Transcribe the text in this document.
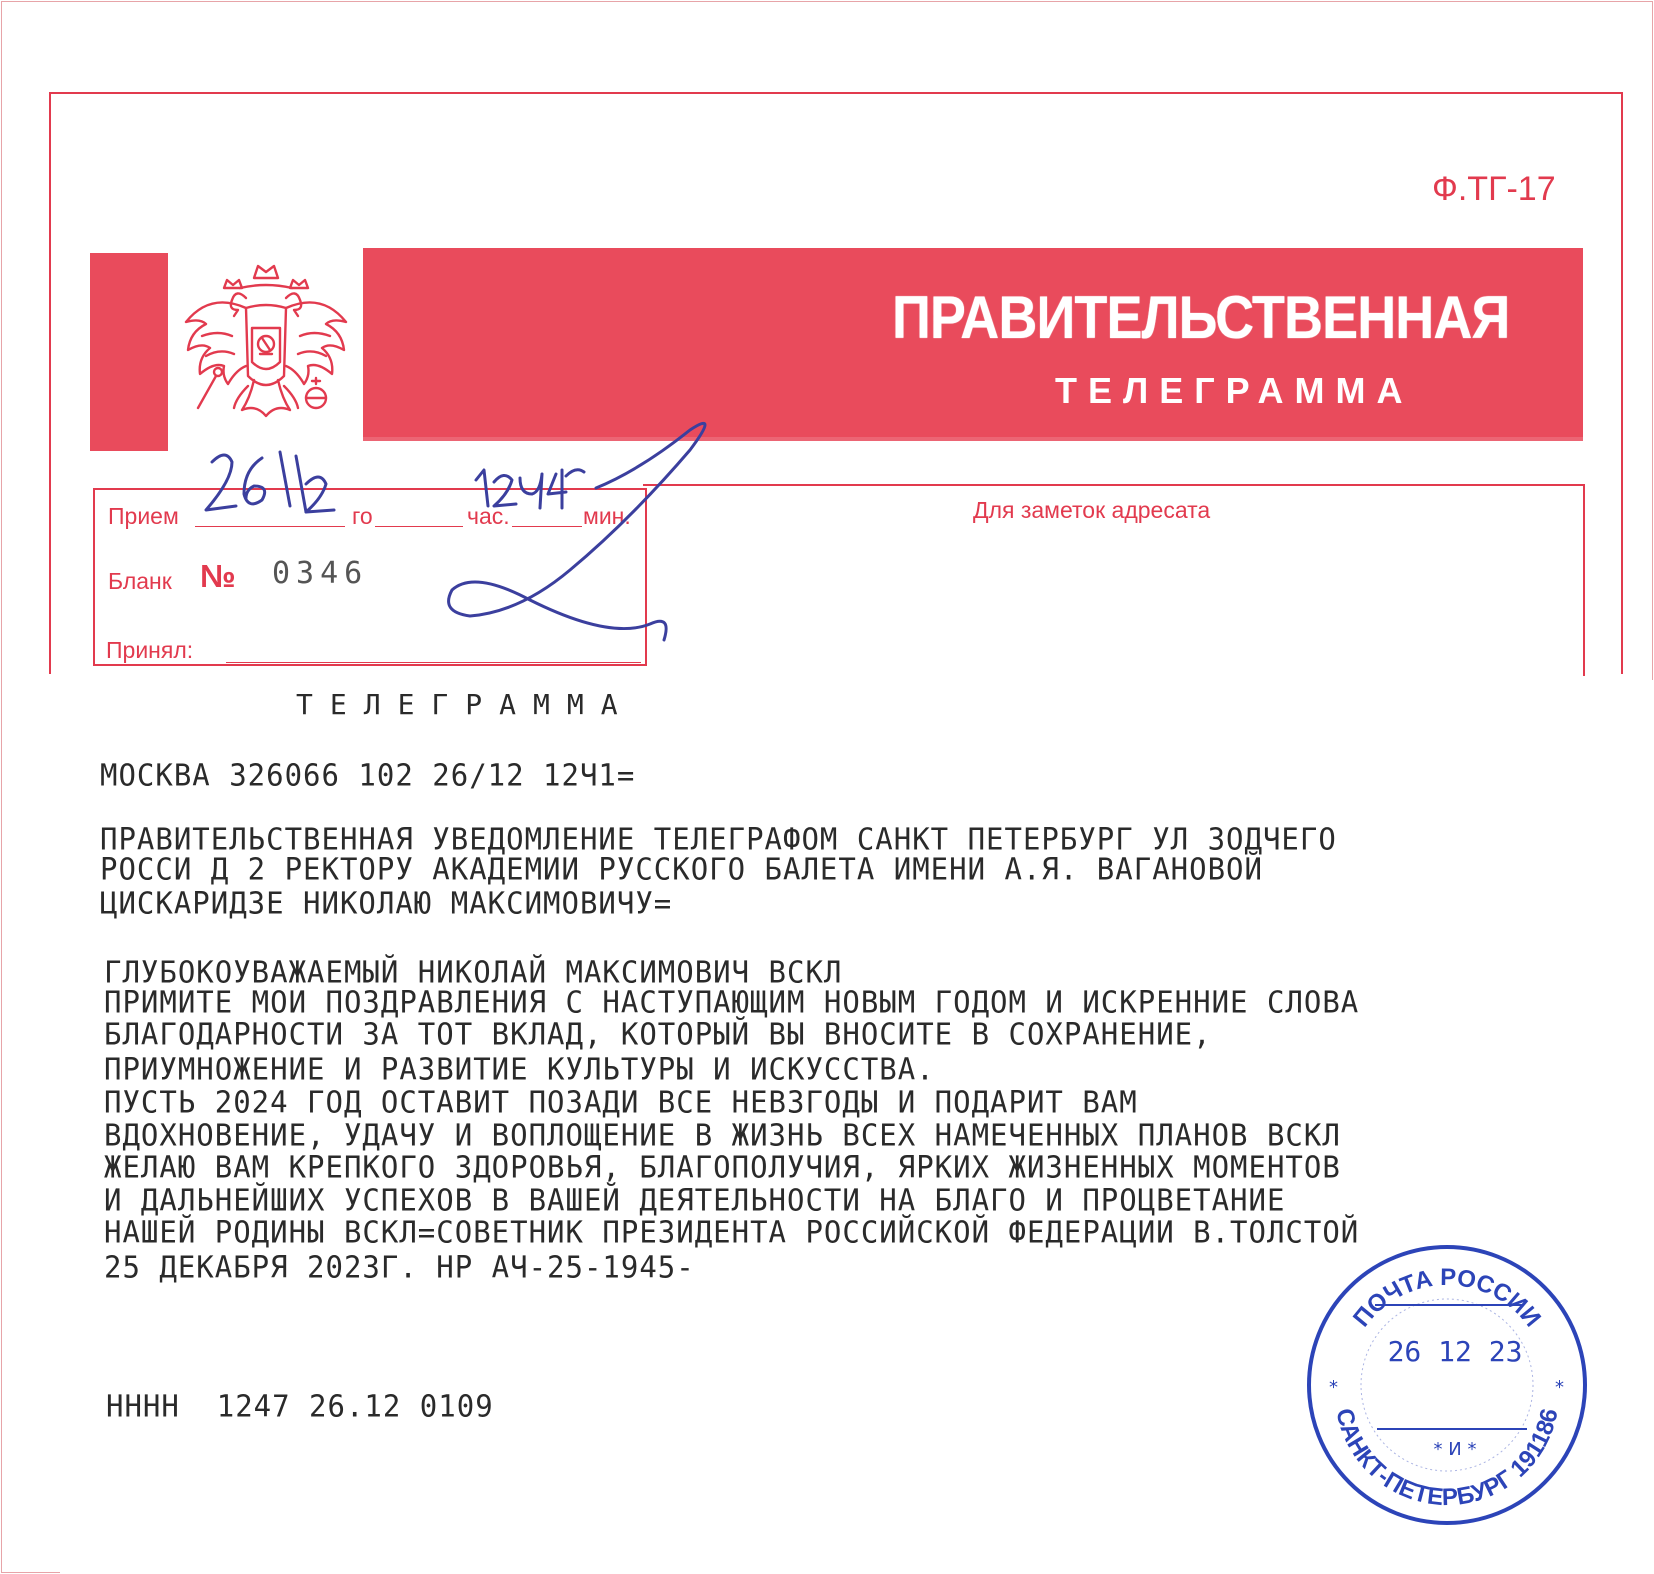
Ф.ТГ-17
ПРАВИТЕЛЬСТВЕННАЯ
ТЕЛЕГРАММА
Прием	го	час.	мин.
Бланк № 0346
Принял:
Для заметок адресата
ТЕЛЕГРАММА
МОСКВА 326066 102 26/12 12Ч1=
ПРАВИТЕЛЬСТВЕННАЯ УВЕДОМЛЕНИЕ ТЕЛЕГРАФОМ САНКТ ПЕТЕРБУРГ УЛ ЗОДЧЕГО
РОССИ Д 2 РЕКТОРУ АКАДЕМИИ РУССКОГО БАЛЕТА ИМЕНИ А.Я. ВАГАНОВОЙ
ЦИСКАРИДЗЕ НИКОЛАЮ МАКСИМОВИЧУ=
ГЛУБОКОУВАЖАЕМЫЙ НИКОЛАЙ МАКСИМОВИЧ ВСКЛ
ПРИМИТЕ МОИ ПОЗДРАВЛЕНИЯ С НАСТУПАЮЩИМ НОВЫМ ГОДОМ И ИСКРЕННИЕ СЛОВА
БЛАГОДАРНОСТИ ЗА ТОТ ВКЛАД, КОТОРЫЙ ВЫ ВНОСИТЕ В СОХРАНЕНИЕ,
ПРИУМНОЖЕНИЕ И РАЗВИТИЕ КУЛЬТУРЫ И ИСКУССТВА.
ПУСТЬ 2024 ГОД ОСТАВИТ ПОЗАДИ ВСЕ НЕВЗГОДЫ И ПОДАРИТ ВАМ
ВДОХНОВЕНИЕ, УДАЧУ И ВОПЛОЩЕНИЕ В ЖИЗНЬ ВСЕХ НАМЕЧЕННЫХ ПЛАНОВ ВСКЛ
ЖЕЛАЮ ВАМ КРЕПКОГО ЗДОРОВЬЯ, БЛАГОПОЛУЧИЯ, ЯРКИХ ЖИЗНЕННЫХ МОМЕНТОВ
И ДАЛЬНЕЙШИХ УСПЕХОВ В ВАШЕЙ ДЕЯТЕЛЬНОСТИ НА БЛАГО И ПРОЦВЕТАНИЕ
НАШЕЙ РОДИНЫ ВСКЛ=СОВЕТНИК ПРЕЗИДЕНТА РОССИЙСКОЙ ФЕДЕРАЦИИ В.ТОЛСТОЙ
25 ДЕКАБРЯ 2023Г. НР АЧ-25-1945-
НННН  1247 26.12 0109
ПОЧТА РОССИИ
САНКТ-ПЕТЕРБУРГ 191186
*	*
26 12 23
* И *
